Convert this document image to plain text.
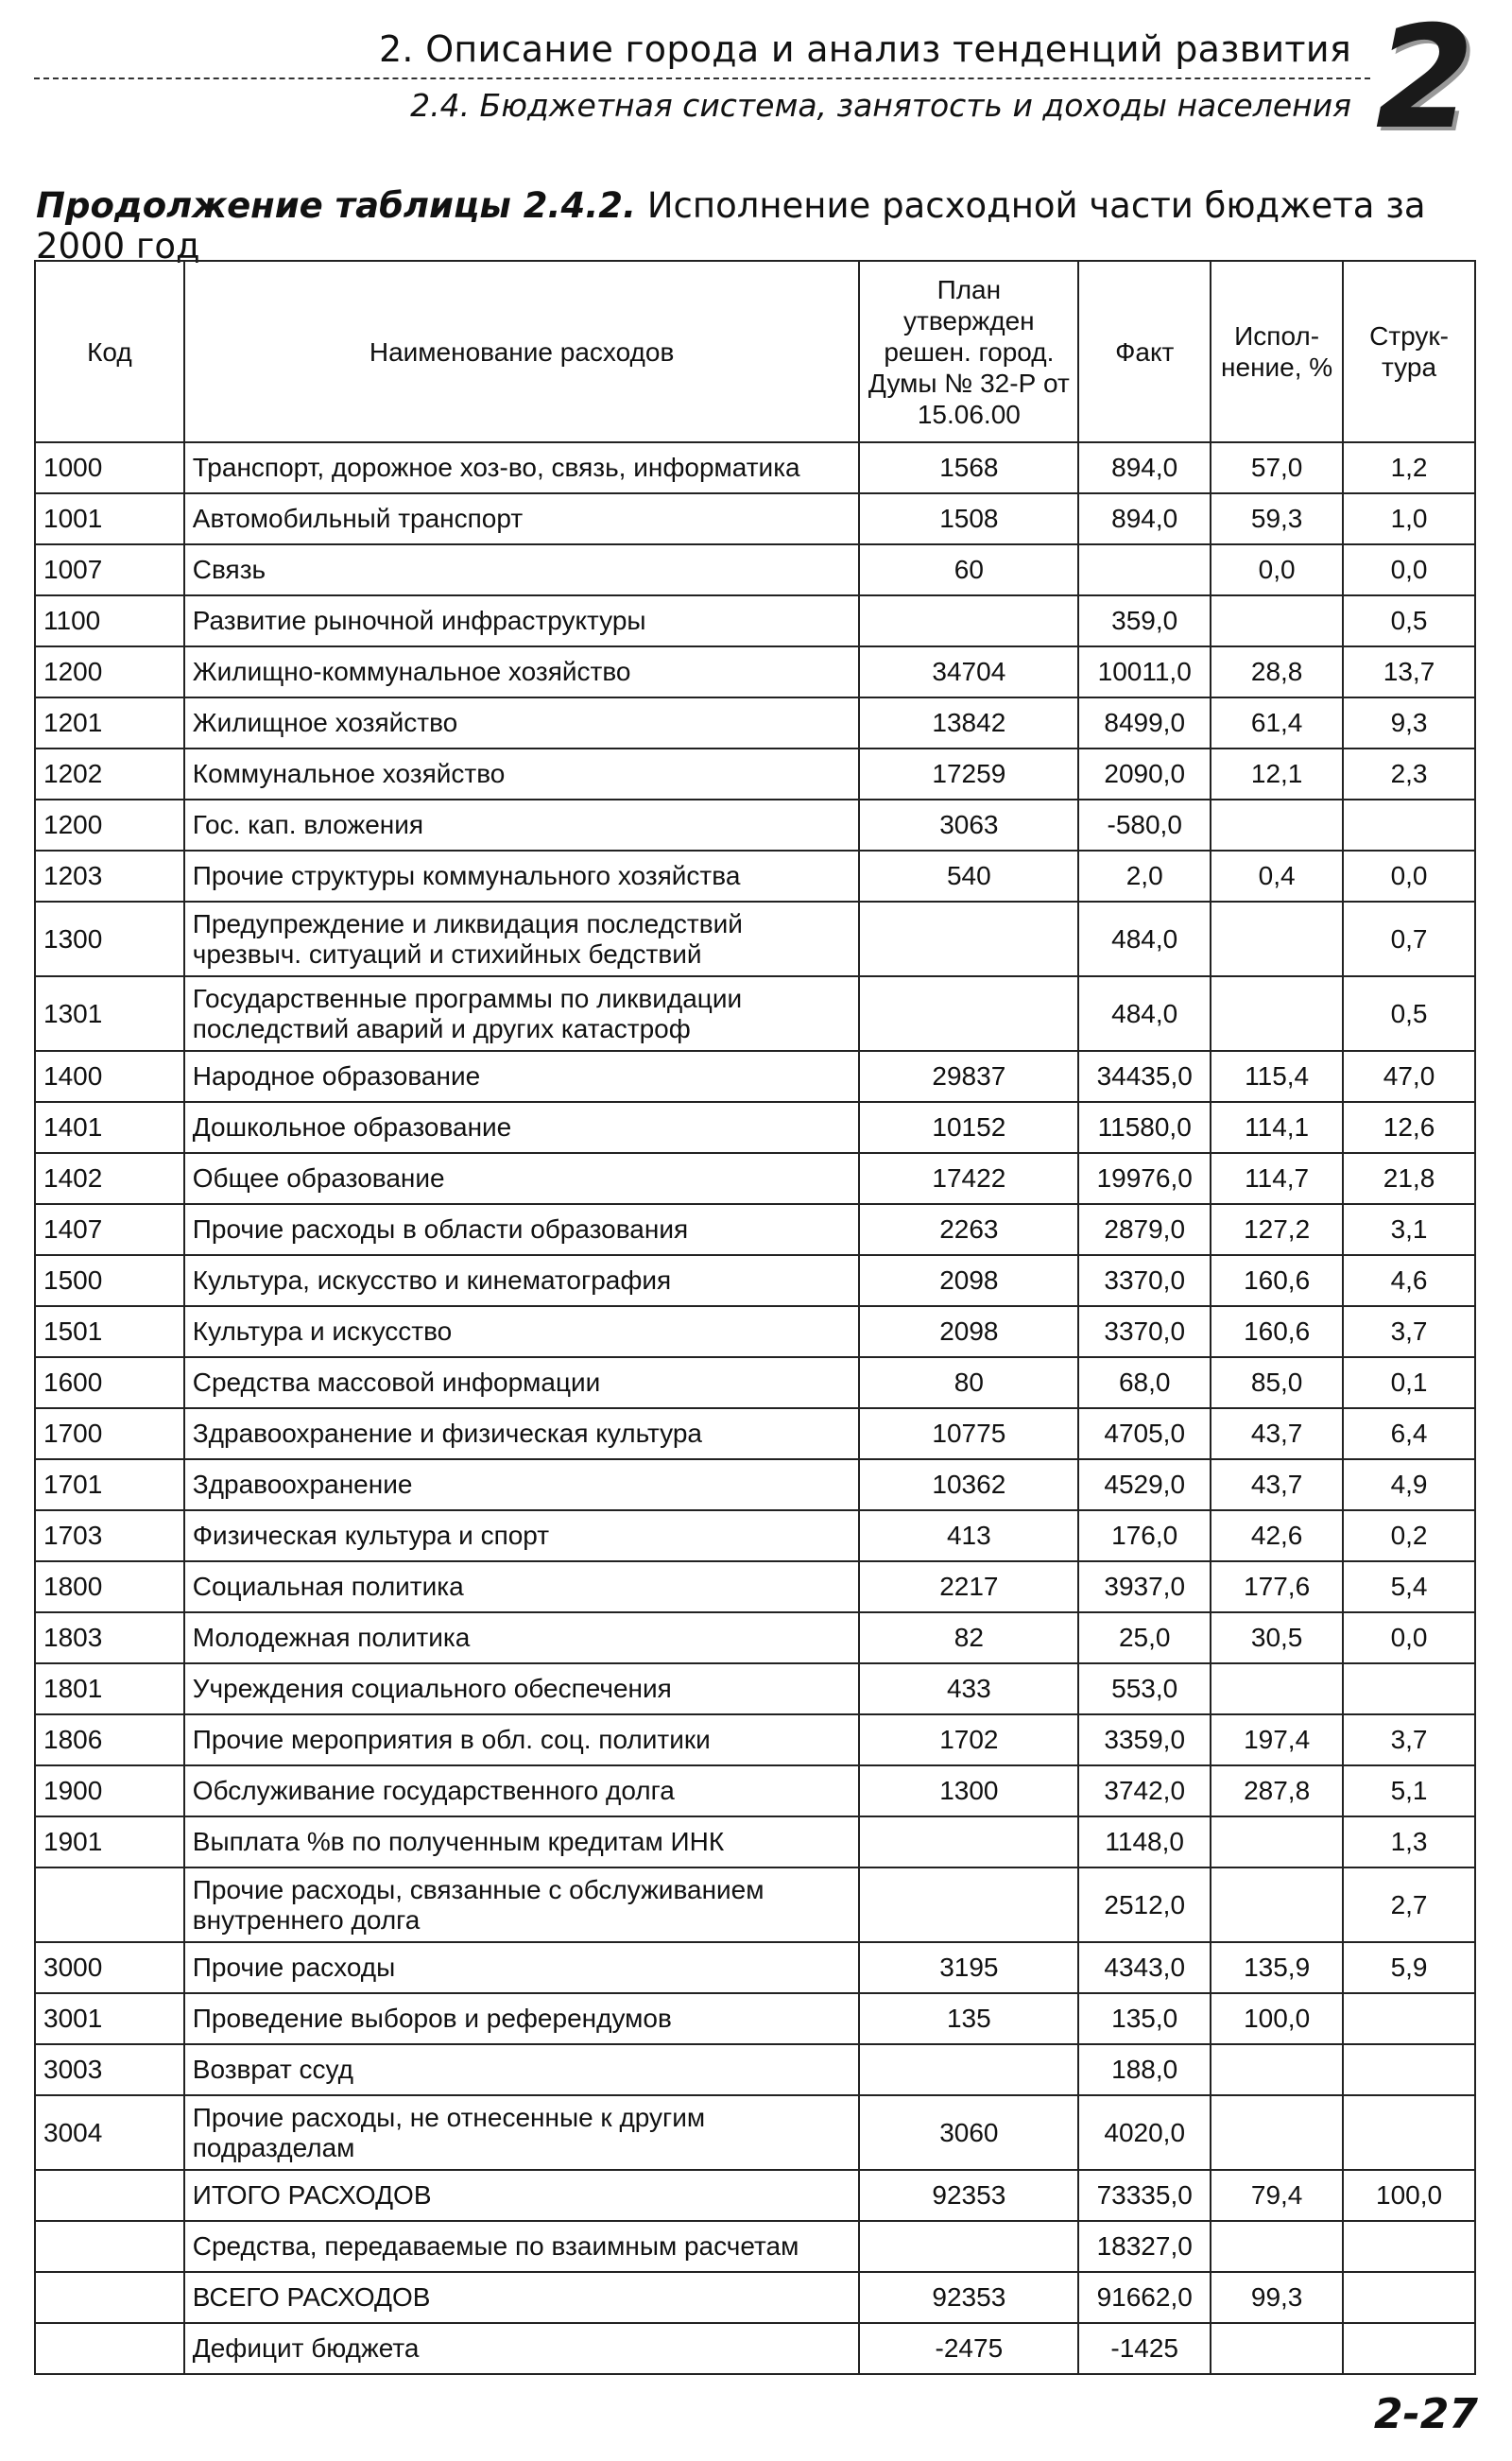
2. Описание города и анализ тенденций развития
2.4. Бюджетная система, занятость и доходы населения 2
Продолжение таблицы 2.4.2. Исполнение расходной части бюджета за 2000 год
Код	Наименование расходов	План утвержден решен. город. Думы № 32-Р от 15.06.00	Факт	Испол-нение, %	Струк-тура
1000	Транспорт, дорожное хоз-во, связь, информатика	1568	894,0	57,0	1,2
1001	Автомобильный транспорт	1508	894,0	59,3	1,0
1007	Связь	60		0,0	0,0
1100	Развитие рыночной инфраструктуры		359,0		0,5
1200	Жилищно-коммунальное хозяйство	34704	10011,0	28,8	13,7
1201	Жилищное хозяйство	13842	8499,0	61,4	9,3
1202	Коммунальное хозяйство	17259	2090,0	12,1	2,3
1200	Гос. кап. вложения	3063	-580,0		
1203	Прочие структуры коммунального хозяйства	540	2,0	0,4	0,0
1300	Предупреждение и ликвидация последствий чрезвыч. ситуаций и стихийных бедствий		484,0		0,7
1301	Государственные программы по ликвидации последствий аварий и других катастроф		484,0		0,5
1400	Народное образование	29837	34435,0	115,4	47,0
1401	Дошкольное образование	10152	11580,0	114,1	12,6
1402	Общее образование	17422	19976,0	114,7	21,8
1407	Прочие расходы в области образования	2263	2879,0	127,2	3,1
1500	Культура, искусство и кинематография	2098	3370,0	160,6	4,6
1501	Культура и искусство	2098	3370,0	160,6	3,7
1600	Средства массовой информации	80	68,0	85,0	0,1
1700	Здравоохранение и физическая культура	10775	4705,0	43,7	6,4
1701	Здравоохранение	10362	4529,0	43,7	4,9
1703	Физическая культура и спорт	413	176,0	42,6	0,2
1800	Социальная политика	2217	3937,0	177,6	5,4
1803	Молодежная политика	82	25,0	30,5	0,0
1801	Учреждения социального обеспечения	433	553,0		
1806	Прочие мероприятия в обл. соц. политики	1702	3359,0	197,4	3,7
1900	Обслуживание государственного долга	1300	3742,0	287,8	5,1
1901	Выплата %в по полученным кредитам ИНК		1148,0		1,3
	Прочие расходы, связанные с обслуживанием внутреннего долга		2512,0		2,7
3000	Прочие расходы	3195	4343,0	135,9	5,9
3001	Проведение выборов и референдумов	135	135,0	100,0	
3003	Возврат ссуд		188,0		
3004	Прочие расходы, не отнесенные к другим подразделам	3060	4020,0		
	ИТОГО РАСХОДОВ	92353	73335,0	79,4	100,0
	Средства, передаваемые по взаимным расчетам		18327,0		
	ВСЕГО РАСХОДОВ	92353	91662,0	99,3	
	Дефицит бюджета	-2475	-1425		
2-27
